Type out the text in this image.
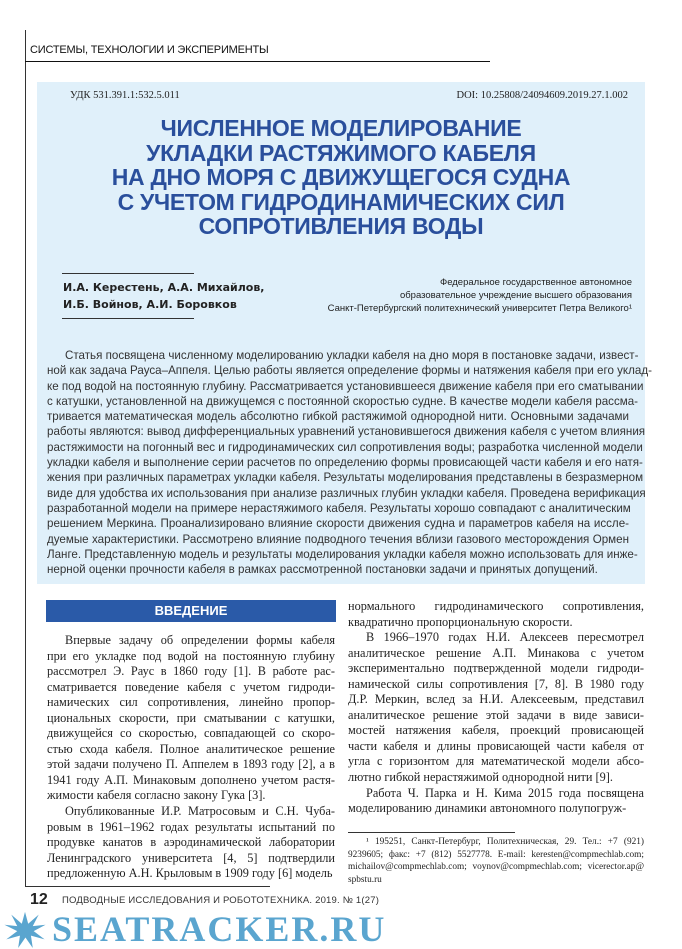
СИСТЕМЫ, ТЕХНОЛОГИИ И ЭКСПЕРИМЕНТЫ
УДК 531.391.1:532.5.011	DOI: 10.25808/24094609.2019.27.1.002
ЧИСЛЕННОЕ МОДЕЛИРОВАНИЕ
УКЛАДКИ РАСТЯЖИМОГО КАБЕЛЯ
НА ДНО МОРЯ С ДВИЖУЩЕГОСЯ СУДНА
С УЧЕТОМ ГИДРОДИНАМИЧЕСКИХ СИЛ
СОПРОТИВЛЕНИЯ ВОДЫ
И.А. Керестень, А.А. Михайлов,
И.Б. Войнов, А.И. Боровков
Федеральное государственное автономное
образовательное учреждение высшего образования
Санкт-Петербургский политехнический университет Петра Великого¹
Статья посвящена численному моделированию укладки кабеля на дно моря в постановке задачи, извест-
ной как задача Рауса–Аппеля. Целью работы является определение формы и натяжения кабеля при его уклад-
ке под водой на постоянную глубину. Рассматривается установившееся движение кабеля при его сматывании
с катушки, установленной на движущемся с постоянной скоростью судне. В качестве модели кабеля рассма-
тривается математическая модель абсолютно гибкой растяжимой однородной нити. Основными задачами
работы являются: вывод дифференциальных уравнений установившегося движения кабеля с учетом влияния
растяжимости на погонный вес и гидродинамических сил сопротивления воды; разработка численной модели
укладки кабеля и выполнение серии расчетов по определению формы провисающей части кабеля и его натя-
жения при различных параметрах укладки кабеля. Результаты моделирования представлены в безразмерном
виде для удобства их использования при анализе различных глубин укладки кабеля. Проведена верификация
разработанной модели на примере нерастяжимого кабеля. Результаты хорошо совпадают с аналитическим
решением Меркина. Проанализировано влияние скорости движения судна и параметров кабеля на иссле-
дуемые характеристики. Рассмотрено влияние подводного течения вблизи газового месторождения Ормен
Ланге. Представленную модель и результаты моделирования укладки кабеля можно использовать для инже-
нерной оценки прочности кабеля в рамках рассмотренной постановки задачи и принятых допущений.
ВВЕДЕНИЕ
Впервые задачу об определении формы кабеля
при его укладке под водой на постоянную глубину
рассмотрел Э. Раус в 1860 году [1]. В работе рас-
сматривается поведение кабеля с учетом гидроди-
намических сил сопротивления, линейно пропор-
циональных скорости, при сматывании с катушки,
движущейся со скоростью, совпадающей со скоро-
стью схода кабеля. Полное аналитическое решение
этой задачи получено П. Аппелем в 1893 году [2], а в
1941 году А.П. Минаковым дополнено учетом растя-
жимости кабеля согласно закону Гука [3].
Опубликованные И.Р. Матросовым и С.Н. Чуба-
ровым в 1961–1962 годах результаты испытаний по
продувке канатов в аэродинамической лаборатории
Ленинградского университета [4, 5] подтвердили
предложенную А.Н. Крыловым в 1909 году [6] модель
нормального гидродинамического сопротивления,
квадратично пропорциональную скорости.
В 1966–1970 годах Н.И. Алексеев пересмотрел
аналитическое решение А.П. Минакова с учетом
экспериментально подтвержденной модели гидроди-
намической силы сопротивления [7, 8]. В 1980 году
Д.Р. Меркин, вслед за Н.И. Алексеевым, представил
аналитическое решение этой задачи в виде зависи-
мостей натяжения кабеля, проекций провисающей
части кабеля и длины провисающей части кабеля от
угла с горизонтом для математической модели абсо-
лютно гибкой нерастяжимой однородной нити [9].
Работа Ч. Парка и Н. Кима 2015 года посвящена
моделированию динамики автономного полупогруж-
¹ 195251, Санкт-Петербург, Политехническая, 29. Тел.: +7 (921)
9239605; факс: +7 (812) 5527778. E-mail: keresten@compmechlab.com;
michailov@compmechlab.com; voynov@compmechlab.com; vicerector.ap@
spbstu.ru
SEATRACKER.RU
12 ПОДВОДНЫЕ ИССЛЕДОВАНИЯ И РОБОТОТЕХНИКА. 2019. № 1(27)
